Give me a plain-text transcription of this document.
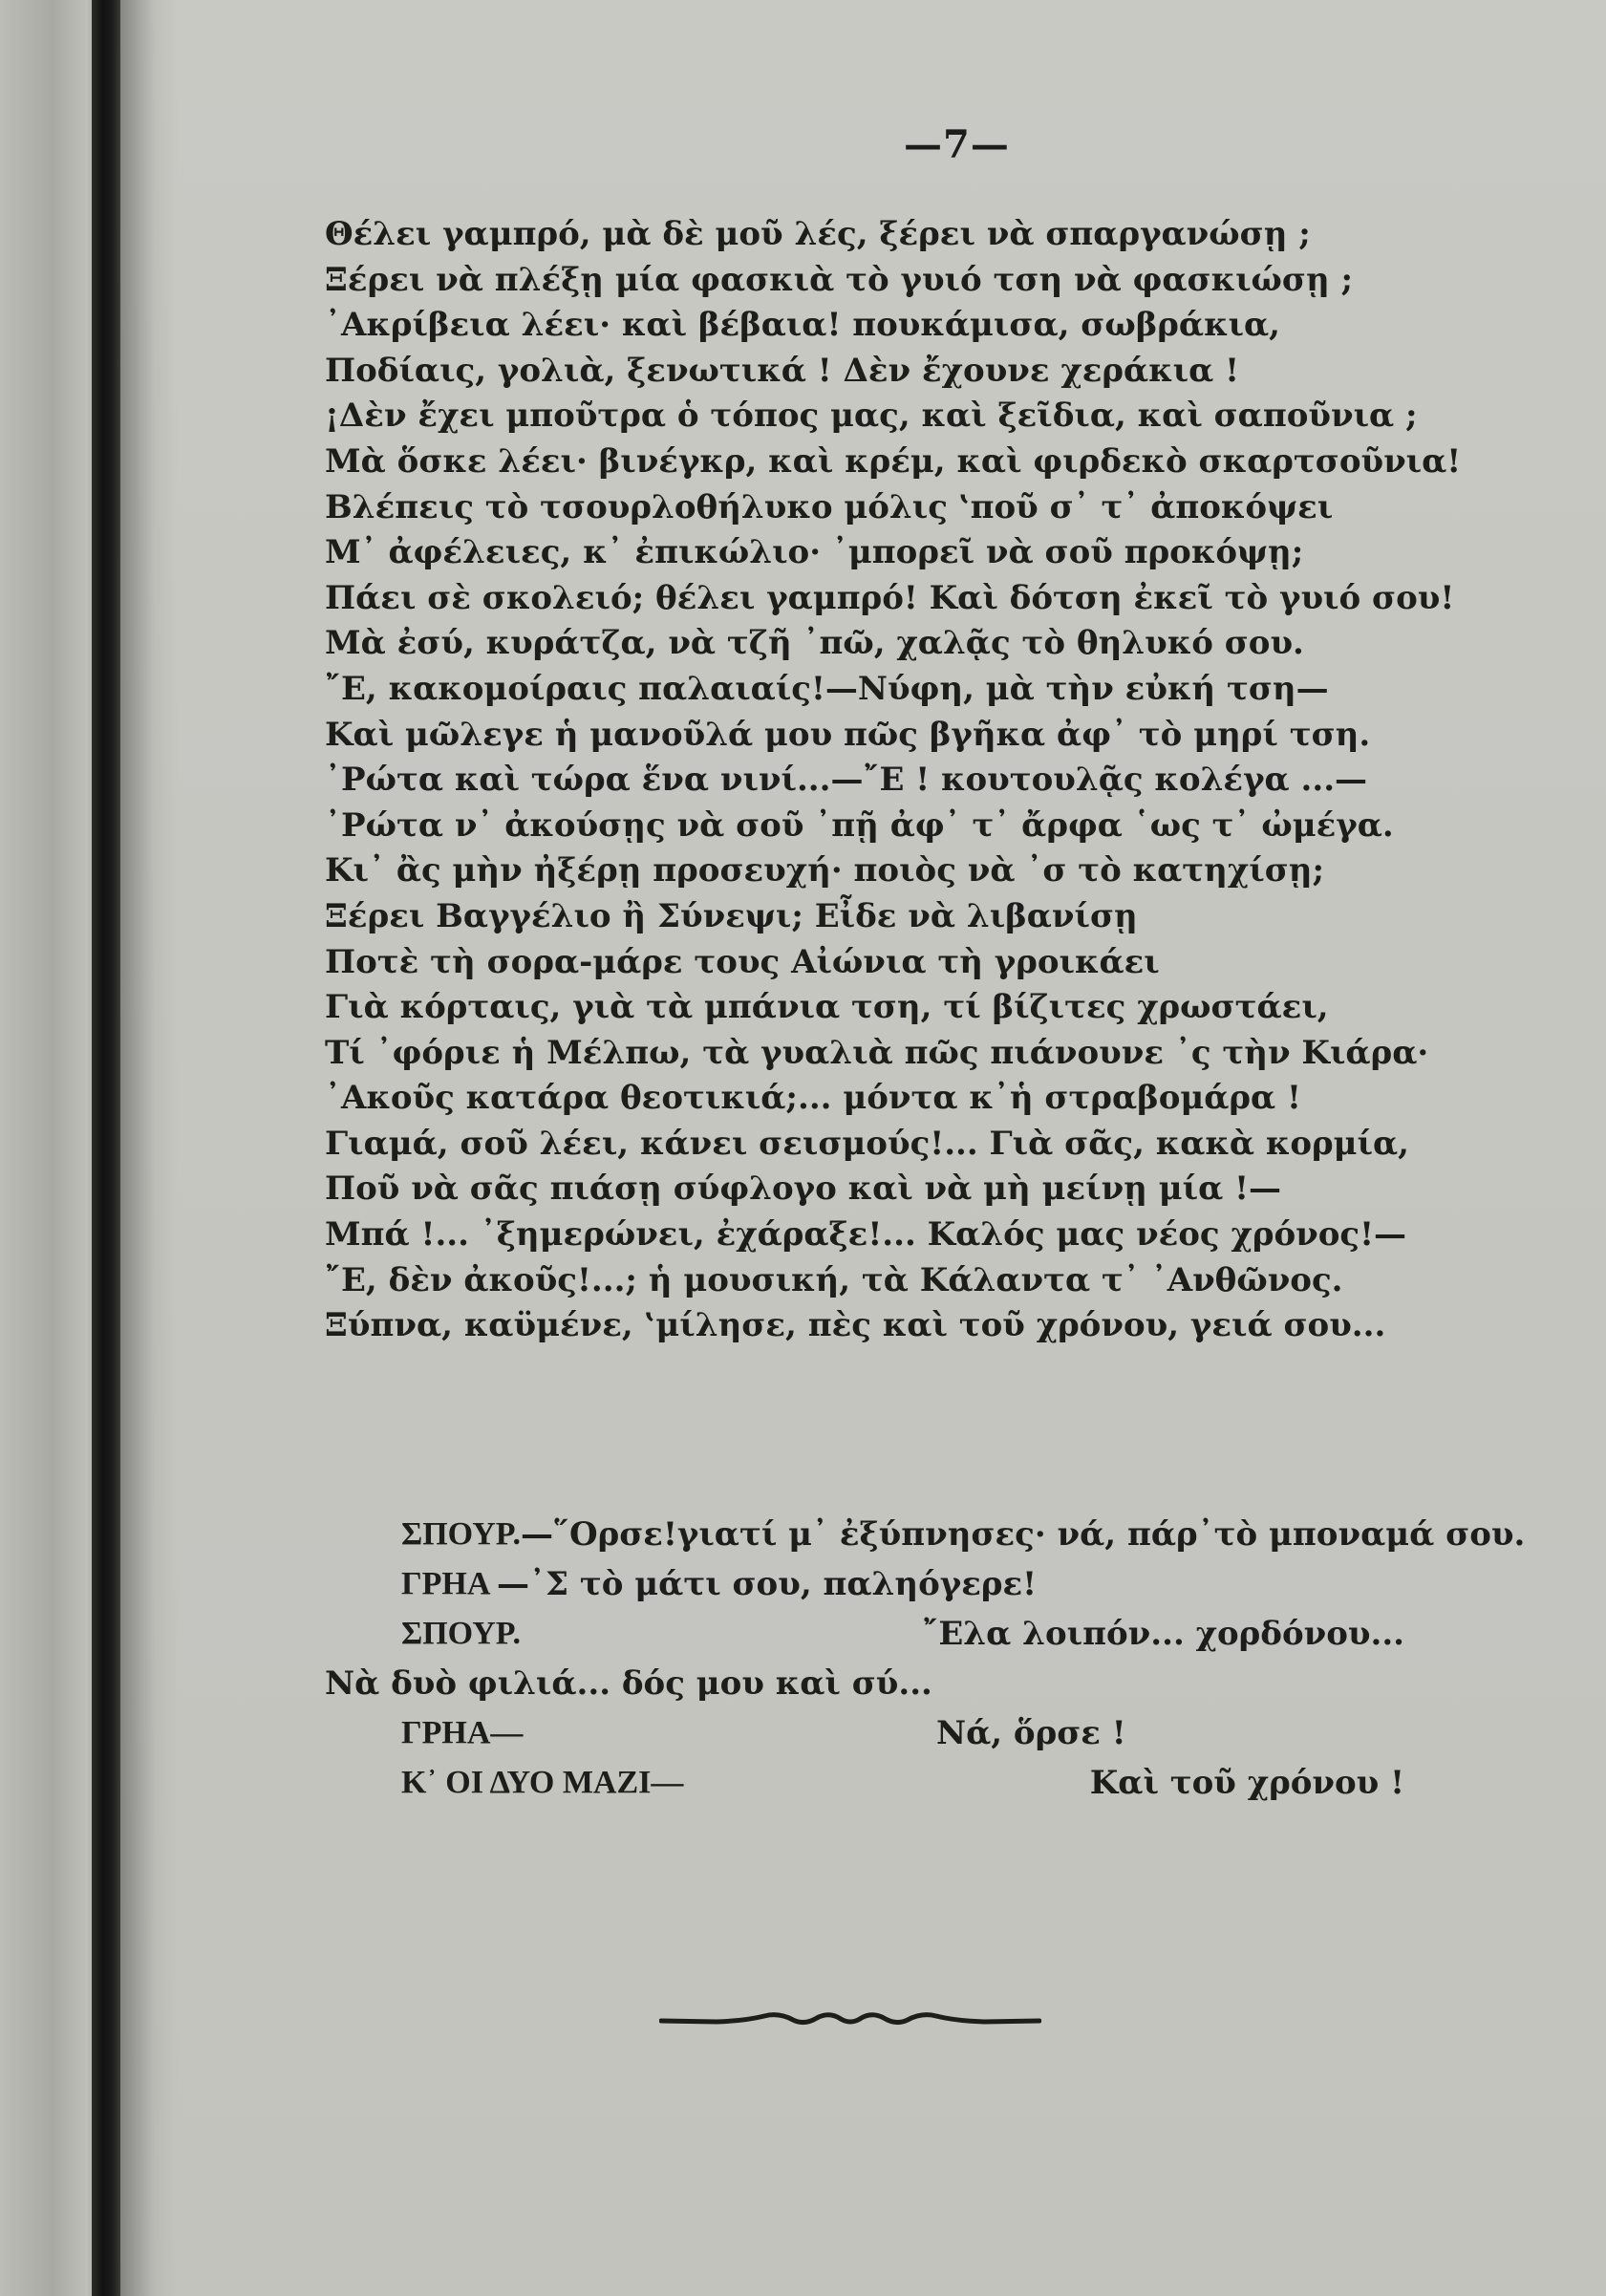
—7—
Θέλει γαμπρό, μὰ δὲ μοῦ λές, ξέρει νὰ σπαργανώσῃ ;
Ξέρει νὰ πλέξῃ μία φασκιὰ τὸ γυιό τση νὰ φασκιώσῃ ;
᾽Ακρίβεια λέει· καὶ βέβαια! πουκάμισα, σωβράκια,
Ποδίαις, γολιὰ, ξενωτικά ! Δὲν ἔχουνε χεράκια !
¡Δὲν ἔχει μποῦτρα ὁ τόπος μας, καὶ ξεῖδια, καὶ σαποῦνια ;
Μὰ ὅσκε λέει· βινέγκρ, καὶ κρέμ, καὶ φιρδεκὸ σκαρτσοῦνια!
Βλέπεις τὸ τσουρλοθήλυκο μόλις ‛ποῦ σ᾽ τ᾽ ἀποκόψει
Μ᾽ ἀφέλειες, κ᾽ ἐπικώλιο· ᾽μπορεῖ νὰ σοῦ προκόψῃ;
Πάει σὲ σκολειό; θέλει γαμπρό! Καὶ δότση ἐκεῖ τὸ γυιό σου!
Μὰ ἐσύ, κυράτζα, νὰ τζῆ ᾽πῶ, χαλᾷς τὸ θηλυκό σου.
῎Ε, κακομοίραις παλαιαίς!—Νύφη, μὰ τὴν εὐκή τση—
Καὶ μῶλεγε ἡ μανοῦλά μου πῶς βγῆκα ἀφ᾽ τὸ μηρί τση.
᾽Ρώτα καὶ τώρα ἕνα νινί...—῎Ε ! κουτουλᾷς κολέγα ...—
᾽Ρώτα ν᾽ ἀκούσῃς νὰ σοῦ ᾽πῇ ἀφ᾽ τ᾽ ἄρφα ῾ως τ᾽ ὠμέγα.
Κι᾽ ἂς μὴν ἠξέρῃ προσευχή· ποιὸς νὰ ᾽σ τὸ κατηχίσῃ;
Ξέρει Βαγγέλιο ἢ Σύνεψι; Εἶδε νὰ λιβανίσῃ
Ποτὲ τὴ σορα-μάρε τους Αἰώνια τὴ γροικάει
Γιὰ κόρταις, γιὰ τὰ μπάνια τση, τί βίζιτες χρωστάει,
Τί ᾽φόριε ἡ Μέλπω, τὰ γυαλιὰ πῶς πιάνουνε ᾽ς τὴν Κιάρα·
᾽Ακοῦς κατάρα θεοτικιά;... μόντα κ᾽ἡ στραβομάρα !
Γιαμά, σοῦ λέει, κάνει σεισμούς!... Γιὰ σᾶς, κακὰ κορμία,
Ποῦ νὰ σᾶς πιάσῃ σύφλογο καὶ νὰ μὴ μείνῃ μία !—
Μπά !... ᾽ξημερώνει, ἐχάραξε!... Καλός μας νέος χρόνος!—
῎Ε, δὲν ἀκοῦς!...; ἡ μουσική, τὰ Κάλαντα τ᾽ ᾽Ανθῶνος.
Ξύπνα, καϋμένε, ‛μίλησε, πὲς καὶ τοῦ χρόνου, γειά σου...
ΣΠΟΥΡ. —῞Ορσε!γιατί μ᾽ ἐξύπνησες· νά, πάρ᾽τὸ μποναμά σου.
ΓΡΗΑ —᾽Σ τὸ μάτι σου, παληόγερε!
ΣΠΟΥΡ.	῎Ελα λοιπόν... χορδόνου...
Νὰ δυὸ φιλιά... δός μου καὶ σύ...
ΓΡΗΑ—	Νά, ὅρσε !
Κ᾽ ΟΙ ΔΥΟ ΜΑΖΙ—	Καὶ τοῦ χρόνου !
